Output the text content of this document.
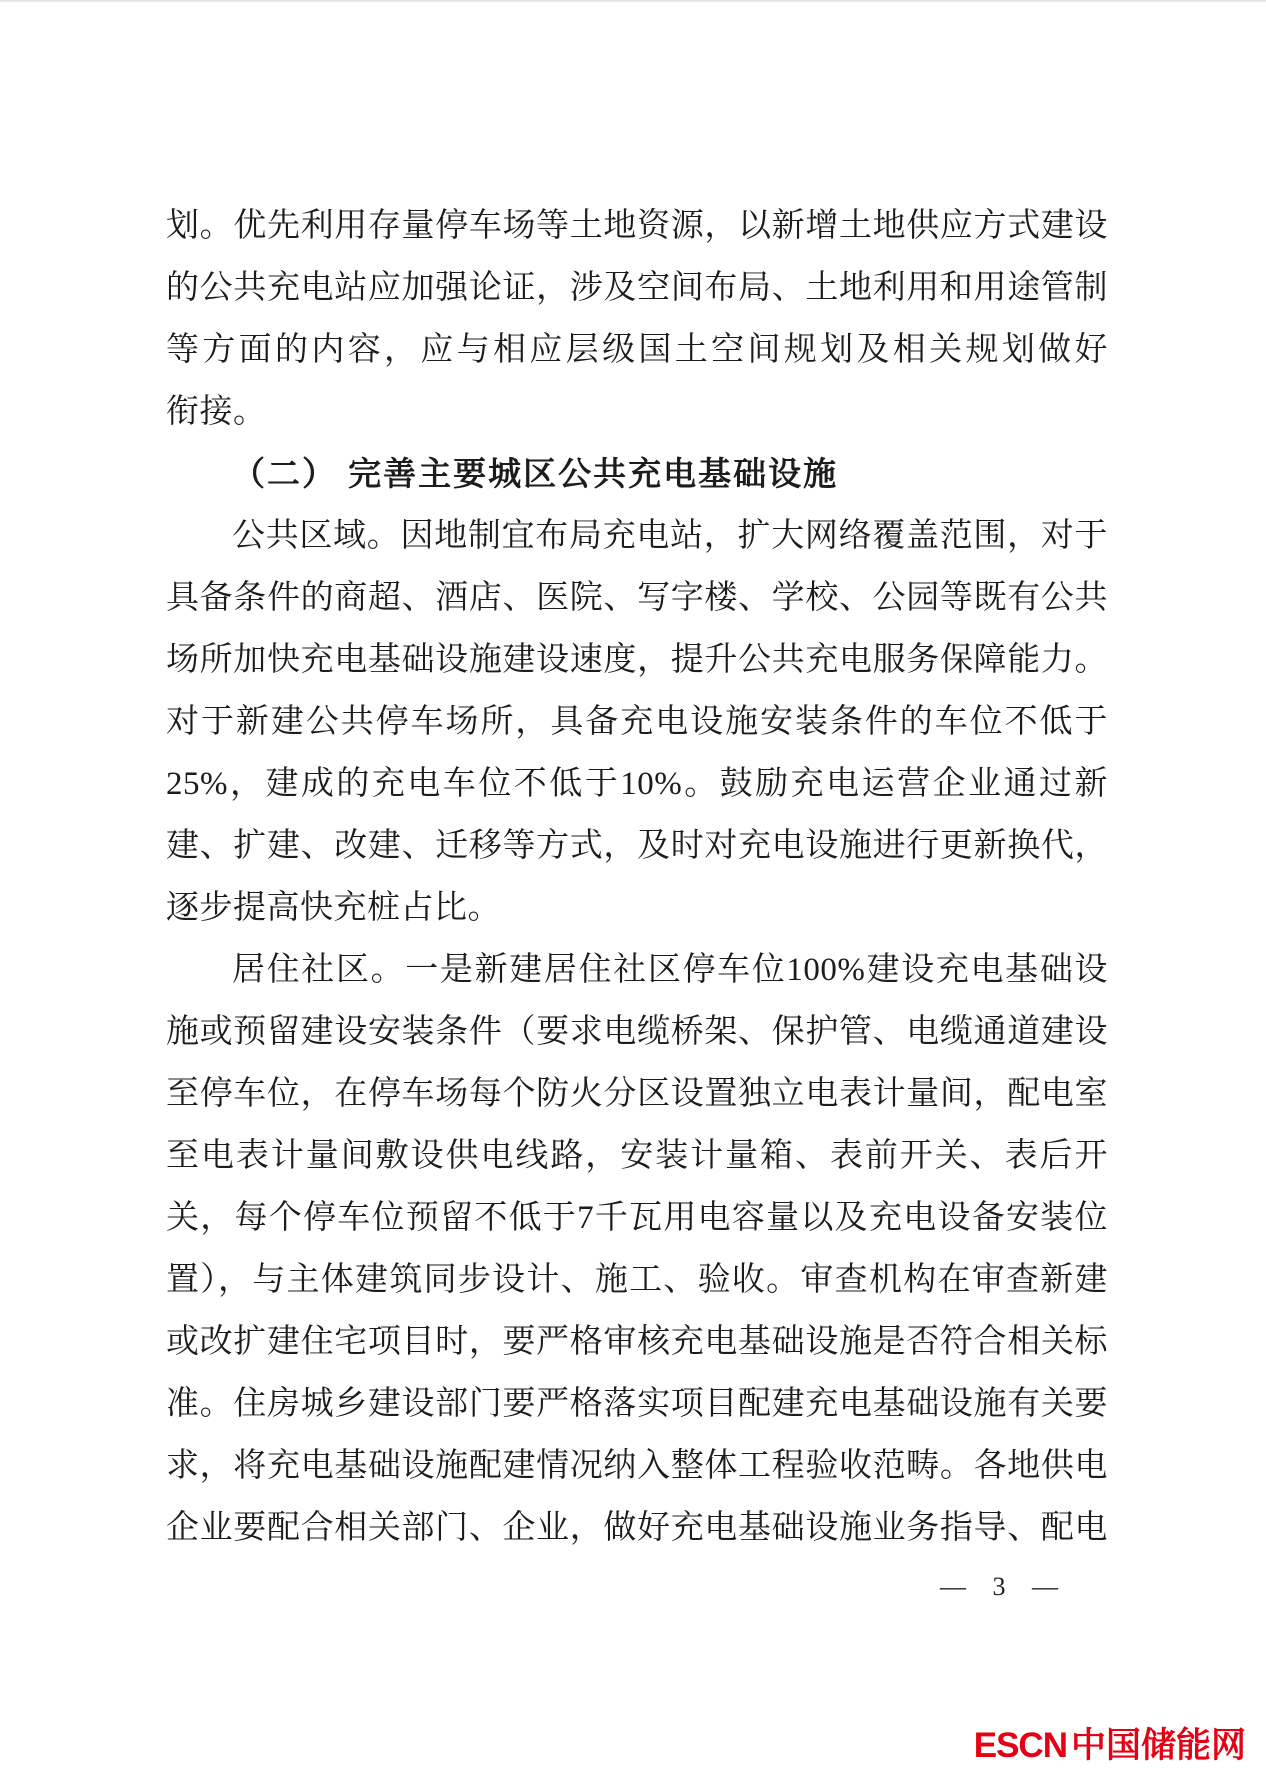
划。优先利用存量停车场等土地资源，以新增土地供应方式建设
的公共充电站应加强论证，涉及空间布局、土地利用和用途管制
等方面的内容，应与相应层级国土空间规划及相关规划做好
衔接。
（二） 完善主要城区公共充电基础设施
公共区域。因地制宜布局充电站，扩大网络覆盖范围，对于
具备条件的商超、酒店、医院、写字楼、学校、公园等既有公共
场所加快充电基础设施建设速度，提升公共充电服务保障能力。
对于新建公共停车场所，具备充电设施安装条件的车位不低于
25%，建成的充电车位不低于10%。鼓励充电运营企业通过新
建、扩建、改建、迁移等方式，及时对充电设施进行更新换代，
逐步提高快充桩占比。
居住社区。一是新建居住社区停车位100%建设充电基础设
施或预留建设安装条件（要求电缆桥架、保护管、电缆通道建设
至停车位，在停车场每个防火分区设置独立电表计量间，配电室
至电表计量间敷设供电线路，安装计量箱、表前开关、表后开
关，每个停车位预留不低于7千瓦用电容量以及充电设备安装位
置），与主体建筑同步设计、施工、验收。审查机构在审查新建
或改扩建住宅项目时，要严格审核充电基础设施是否符合相关标
准。住房城乡建设部门要严格落实项目配建充电基础设施有关要
求，将充电基础设施配建情况纳入整体工程验收范畴。各地供电
企业要配合相关部门、企业，做好充电基础设施业务指导、配电
— 3 —
ESCN 中国储能网
